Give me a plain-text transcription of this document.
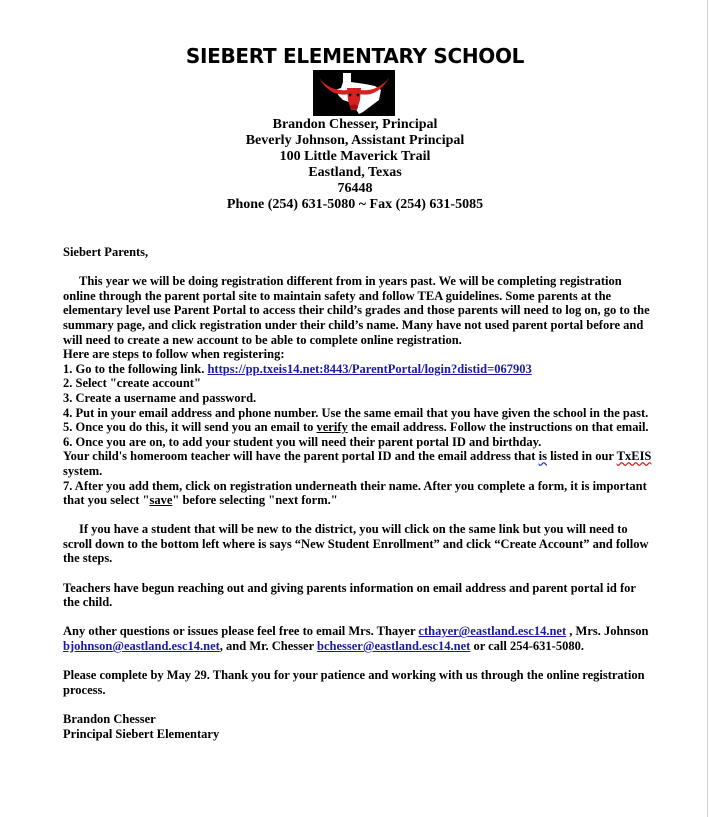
SIEBERT ELEMENTARY SCHOOL
Brandon Chesser, Principal
Beverly Johnson, Assistant Principal
100 Little Maverick Trail
Eastland, Texas
76448
Phone (254) 631-5080 ~ Fax (254) 631-5085

Siebert Parents,

This year we will be doing registration different from in years past. We will be completing registration online through the parent portal site to maintain safety and follow TEA guidelines. Some parents at the elementary level use Parent Portal to access their child’s grades and those parents will need to log on, go to the summary page, and click registration under their child’s name. Many have not used parent portal before and will need to create a new account to be able to complete online registration.

Here are steps to follow when registering:

1. Go to the following link. https://pp.txeis14.net:8443/ParentPortal/login?distid=067903

2. Select "create account"

3. Create a username and password.

4. Put in your email address and phone number. Use the same email that you have given the school in the past.

5. Once you do this, it will send you an email to verify the email address. Follow the instructions on that email.

6. Once you are on, to add your student you will need their parent portal ID and birthday.

Your child's homeroom teacher will have the parent portal ID and the email address that is listed in our TxEIS system.

7. After you add them, click on registration underneath their name. After you complete a form, it is important that you select "save" before selecting "next form."

If you have a student that will be new to the district, you will click on the same link but you will need to scroll down to the bottom left where is says “New Student Enrollment” and click “Create Account” and follow the steps.

Teachers have begun reaching out and giving parents information on email address and parent portal id for the child.

Any other questions or issues please feel free to email Mrs. Thayer cthayer@eastland.esc14.net , Mrs. Johnson bjohnson@eastland.esc14.net, and Mr. Chesser bchesser@eastland.esc14.net or call 254-631-5080.

Please complete by May 29. Thank you for your patience and working with us through the online registration process.

Brandon Chesser

Principal Siebert Elementary
